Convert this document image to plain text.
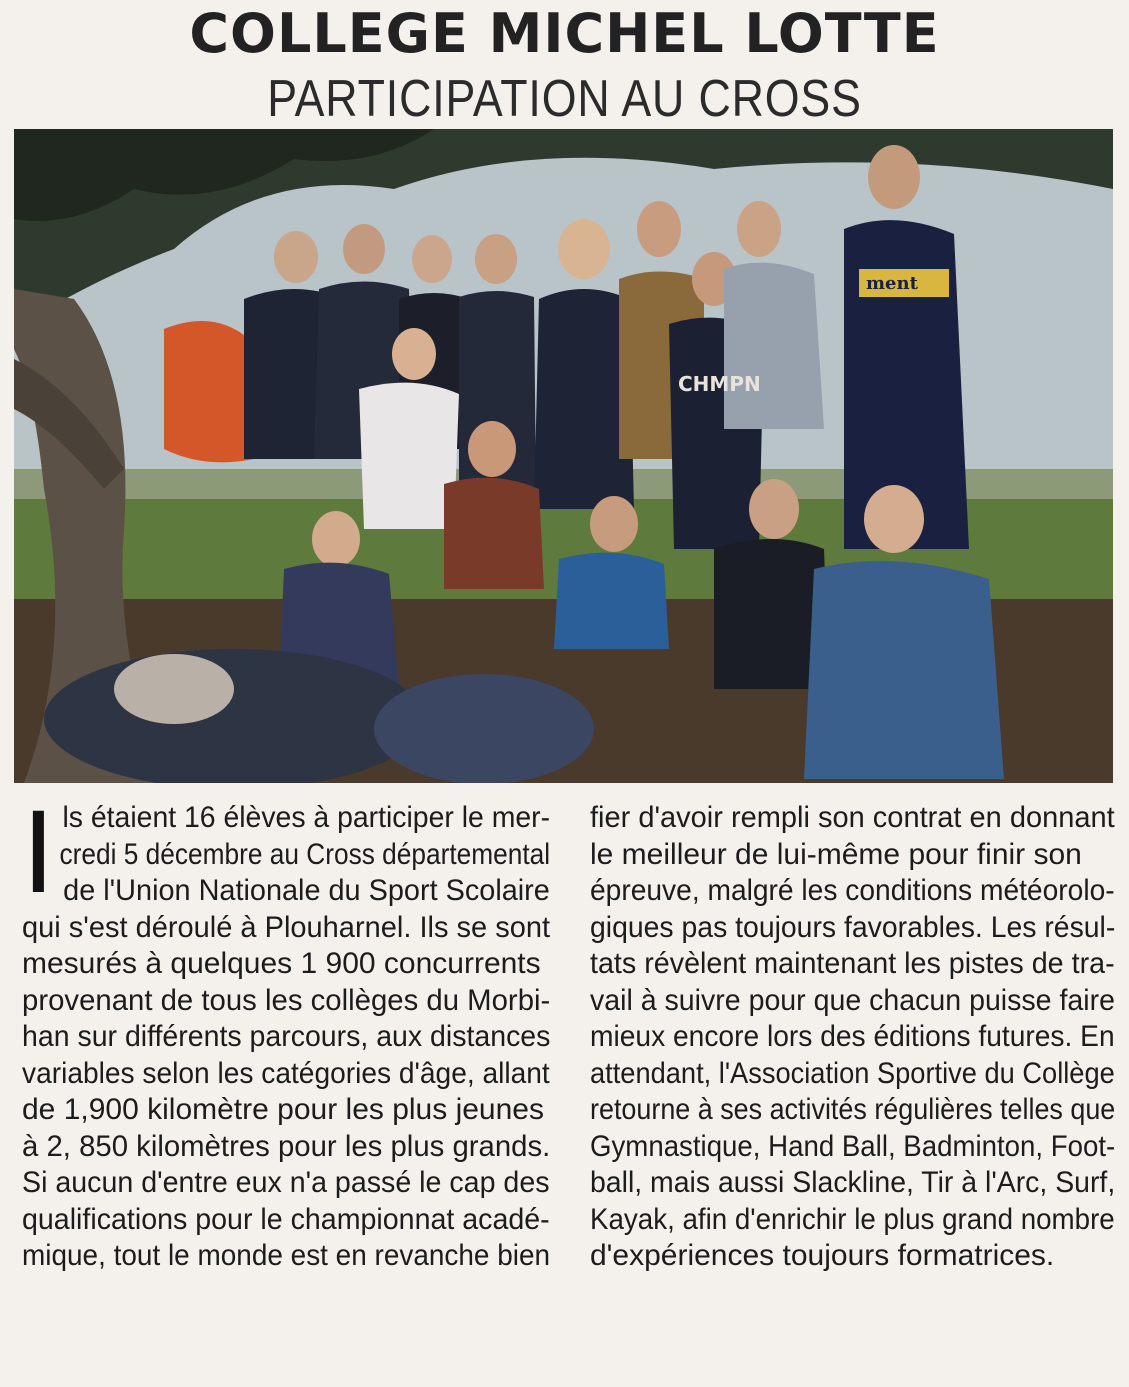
COLLEGE MICHEL LOTTE
PARTICIPATION AU CROSS
CHMPN
ment
I ls étaient 16 élèves à participer le mer-
credi 5 décembre au Cross départemental
de l'Union Nationale du Sport Scolaire
qui s'est déroulé à Plouharnel. Ils se sont
mesurés à quelques 1 900 concurrents
provenant de tous les collèges du Morbi-
han sur différents parcours, aux distances
variables selon les catégories d'âge, allant
de 1,900 kilomètre pour les plus jeunes
à 2, 850 kilomètres pour les plus grands.
Si aucun d'entre eux n'a passé le cap des
qualifications pour le championnat acadé-
mique, tout le monde est en revanche bien
fier d'avoir rempli son contrat en donnant
le meilleur de lui-même pour finir son
épreuve, malgré les conditions météorolo-
giques pas toujours favorables. Les résul-
tats révèlent maintenant les pistes de tra-
vail à suivre pour que chacun puisse faire
mieux encore lors des éditions futures. En
attendant, l'Association Sportive du Collège
retourne à ses activités régulières telles que
Gymnastique, Hand Ball, Badminton, Foot-
ball, mais aussi Slackline, Tir à l'Arc, Surf,
Kayak, afin d'enrichir le plus grand nombre
d'expériences toujours formatrices.
